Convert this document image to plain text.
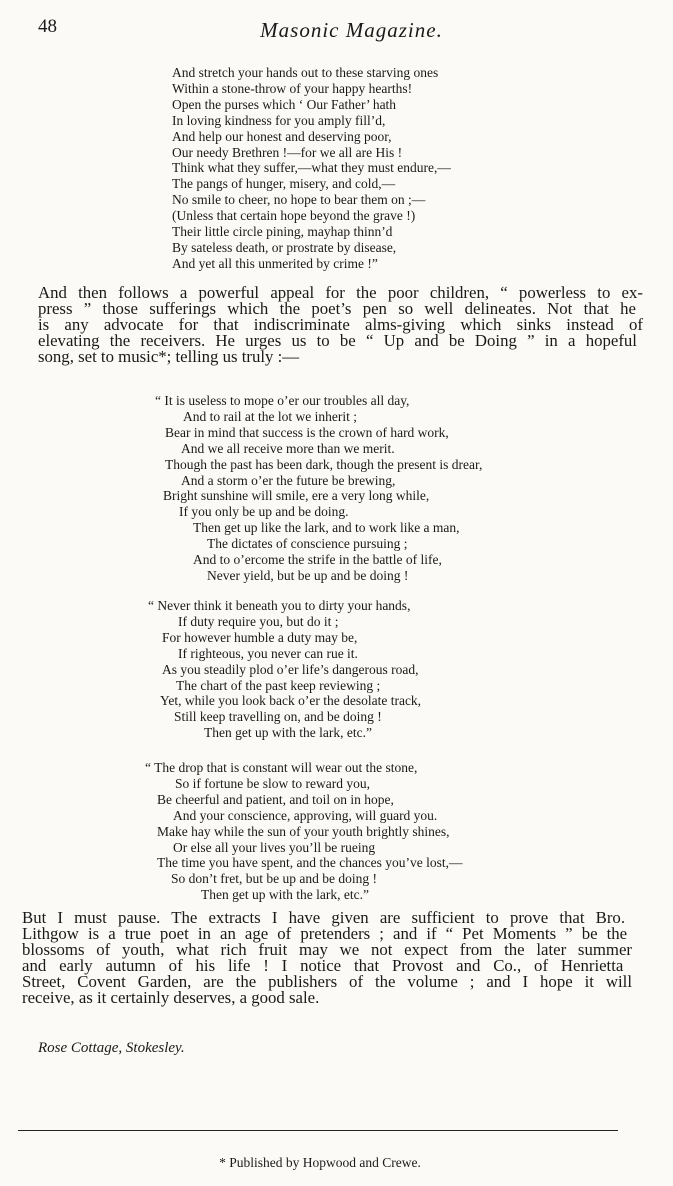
48	Masonic Magazine.
And stretch your hands out to these starving ones
Within a stone-throw of your happy hearths!
Open the purses which ‘ Our Father’ hath
In loving kindness for you amply fill’d,
And help our honest and deserving poor,
Our needy Brethren !—for we all are His !
Think what they suffer,—what they must endure,—
The pangs of hunger, misery, and cold,—
No smile to cheer, no hope to bear them on ;—
(Unless that certain hope beyond the grave !)
Their little circle pining, mayhap thinn’d
By sateless death, or prostrate by disease,
And yet all this unmerited by crime !”
And then follows a powerful appeal for the poor children, “ powerless to ex-
press ” those sufferings which the poet’s pen so well delineates. Not that he
is any advocate for that indiscriminate alms-giving which sinks instead of
elevating the receivers. He urges us to be “ Up and be Doing ” in a hopeful
song, set to music*; telling us truly :—
“ It is useless to mope o’er our troubles all day,
And to rail at the lot we inherit ;
Bear in mind that success is the crown of hard work,
And we all receive more than we merit.
Though the past has been dark, though the present is drear,
And a storm o’er the future be brewing,
Bright sunshine will smile, ere a very long while,
If you only be up and be doing.
Then get up like the lark, and to work like a man,
The dictates of conscience pursuing ;
And to o’ercome the strife in the battle of life,
Never yield, but be up and be doing !
“ Never think it beneath you to dirty your hands,
If duty require you, but do it ;
For however humble a duty may be,
If righteous, you never can rue it.
As you steadily plod o’er life’s dangerous road,
The chart of the past keep reviewing ;
Yet, while you look back o’er the desolate track,
Still keep travelling on, and be doing !
Then get up with the lark, etc.”
“ The drop that is constant will wear out the stone,
So if fortune be slow to reward you,
Be cheerful and patient, and toil on in hope,
And your conscience, approving, will guard you.
Make hay while the sun of your youth brightly shines,
Or else all your lives you’ll be rueing
The time you have spent, and the chances you’ve lost,—
So don’t fret, but be up and be doing !
Then get up with the lark, etc.”
But I must pause. The extracts I have given are sufficient to prove that Bro.
Lithgow is a true poet in an age of pretenders ; and if “ Pet Moments ” be the
blossoms of youth, what rich fruit may we not expect from the later summer
and early autumn of his life ! I notice that Provost and Co., of Henrietta
Street, Covent Garden, are the publishers of the volume ; and I hope it will
receive, as it certainly deserves, a good sale.
Rose Cottage, Stokesley.
* Published by Hopwood and Crewe.
